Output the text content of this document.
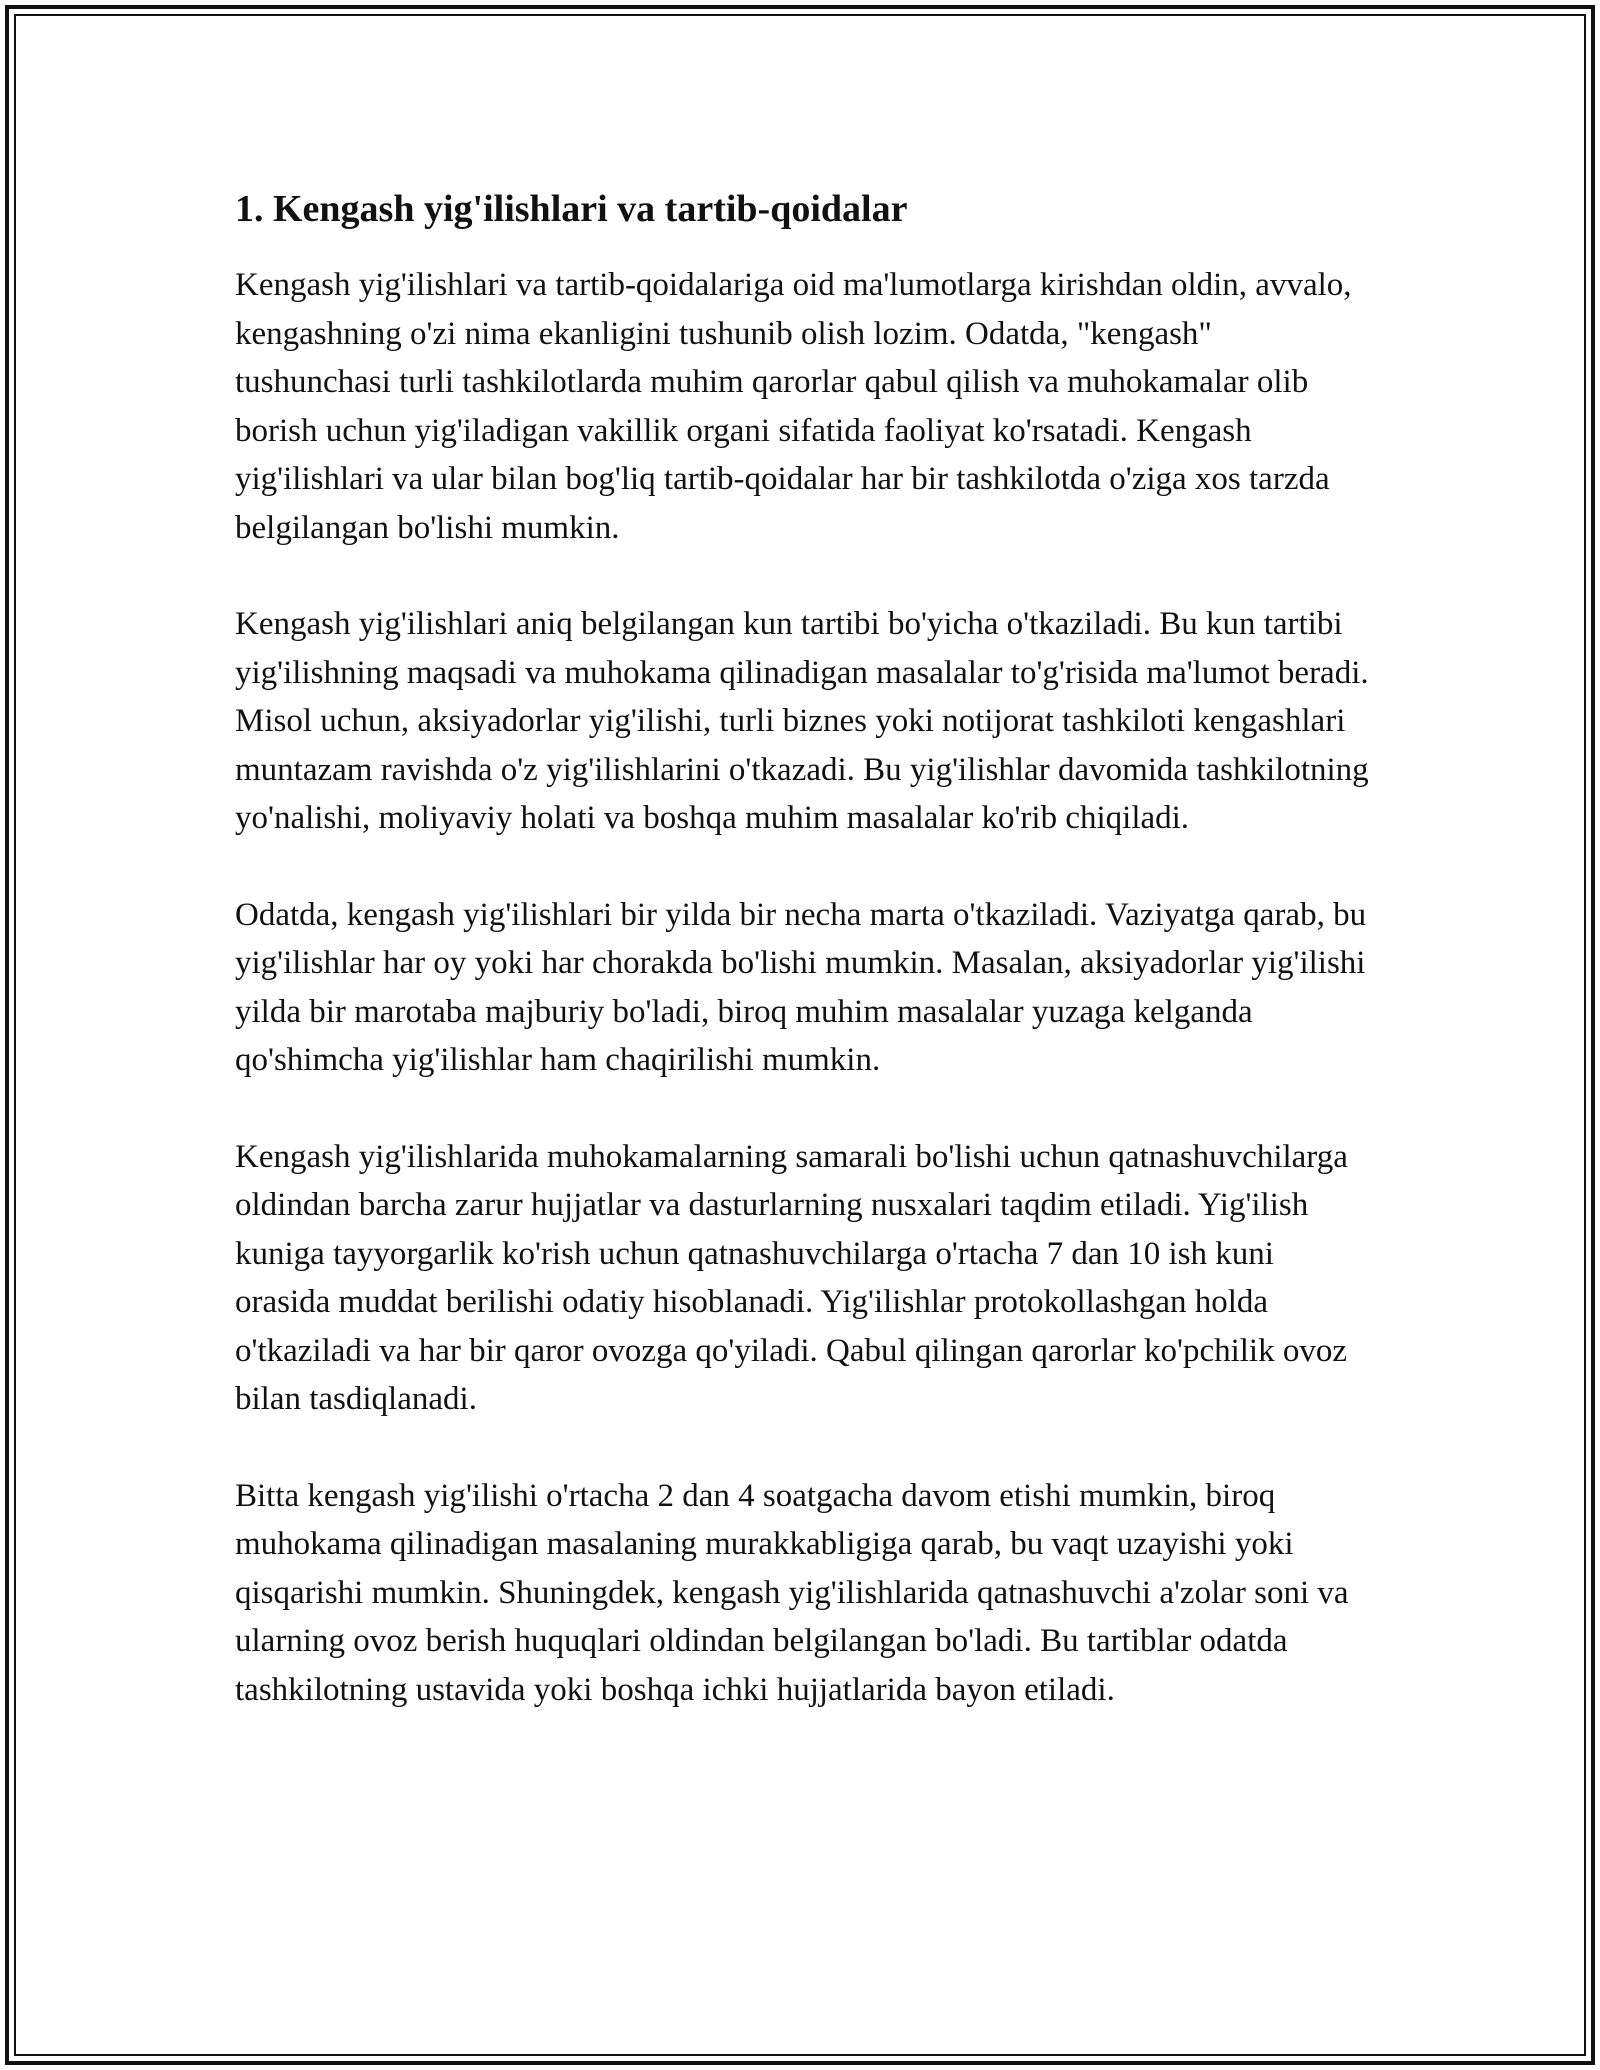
1. Kengash yig'ilishlari va tartib-qoidalar

Kengash yig'ilishlari va tartib-qoidalariga oid ma'lumotlarga kirishdan oldin, avvalo, kengashning o'zi nima ekanligini tushunib olish lozim. Odatda, "kengash" tushunchasi turli tashkilotlarda muhim qarorlar qabul qilish va muhokamalar olib borish uchun yig'iladigan vakillik organi sifatida faoliyat ko'rsatadi. Kengash yig'ilishlari va ular bilan bog'liq tartib-qoidalar har bir tashkilotda o'ziga xos tarzda belgilangan bo'lishi mumkin.

Kengash yig'ilishlari aniq belgilangan kun tartibi bo'yicha o'tkaziladi. Bu kun tartibi yig'ilishning maqsadi va muhokama qilinadigan masalalar to'g'risida ma'lumot beradi. Misol uchun, aksiyadorlar yig'ilishi, turli biznes yoki notijorat tashkiloti kengashlari muntazam ravishda o'z yig'ilishlarini o'tkazadi. Bu yig'ilishlar davomida tashkilotning yo'nalishi, moliyaviy holati va boshqa muhim masalalar ko'rib chiqiladi.

Odatda, kengash yig'ilishlari bir yilda bir necha marta o'tkaziladi. Vaziyatga qarab, bu yig'ilishlar har oy yoki har chorakda bo'lishi mumkin. Masalan, aksiyadorlar yig'ilishi yilda bir marotaba majburiy bo'ladi, biroq muhim masalalar yuzaga kelganda qo'shimcha yig'ilishlar ham chaqirilishi mumkin.

Kengash yig'ilishlarida muhokamalarning samarali bo'lishi uchun qatnashuvchilarga oldindan barcha zarur hujjatlar va dasturlarning nusxalari taqdim etiladi. Yig'ilish kuniga tayyorgarlik ko'rish uchun qatnashuvchilarga o'rtacha 7 dan 10 ish kuni orasida muddat berilishi odatiy hisoblanadi. Yig'ilishlar protokollashgan holda o'tkaziladi va har bir qaror ovozga qo'yiladi. Qabul qilingan qarorlar ko'pchilik ovoz bilan tasdiqlanadi.

Bitta kengash yig'ilishi o'rtacha 2 dan 4 soatgacha davom etishi mumkin, biroq muhokama qilinadigan masalaning murakkabligiga qarab, bu vaqt uzayishi yoki qisqarishi mumkin. Shuningdek, kengash yig'ilishlarida qatnashuvchi a'zolar soni va ularning ovoz berish huquqlari oldindan belgilangan bo'ladi. Bu tartiblar odatda tashkilotning ustavida yoki boshqa ichki hujjatlarida bayon etiladi.
